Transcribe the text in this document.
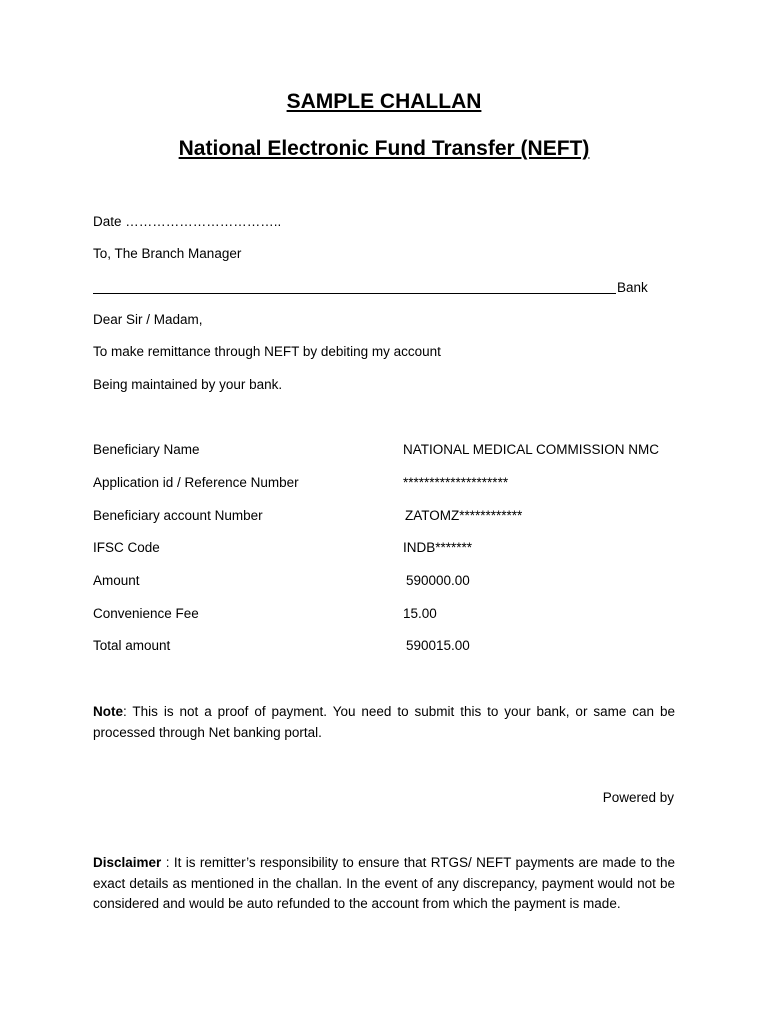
SAMPLE CHALLAN
National Electronic Fund Transfer (NEFT)
Date ……………………………..
To, The Branch Manager
Bank
Dear Sir / Madam,
To make remittance through NEFT by debiting my account
Being maintained by your bank.
Beneficiary Name	NATIONAL MEDICAL COMMISSION NMC
Application id / Reference Number	********************
Beneficiary account Number	ZATOMZ************
IFSC Code	INDB*******
Amount	590000.00
Convenience Fee	15.00
Total amount	590015.00
Note: This is not a proof of payment. You need to submit this to your bank, or same can be processed through Net banking portal.
Powered by
Disclaimer : It is remitter’s responsibility to ensure that RTGS/ NEFT payments are made to the exact details as mentioned in the challan. In the event of any discrepancy, payment would not be considered and would be auto refunded to the account from which the payment is made.
